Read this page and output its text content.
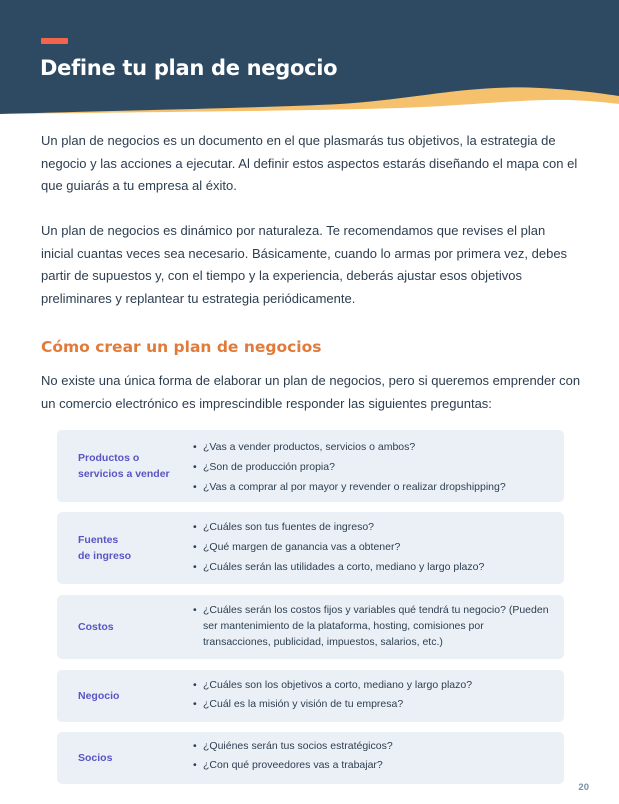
Define tu plan de negocio

Un plan de negocios es un documento en el que plasmarás tus objetivos, la estrategia de negocio y las acciones a ejecutar. Al definir estos aspectos estarás diseñando el mapa con el que guiarás a tu empresa al éxito.

Un plan de negocios es dinámico por naturaleza. Te recomendamos que revises el plan inicial cuantas veces sea necesario. Básicamente, cuando lo armas por primera vez, debes partir de supuestos y, con el tiempo y la experiencia, deberás ajustar esos objetivos preliminares y replantear tu estrategia periódicamente.

Cómo crear un plan de negocios

No existe una única forma de elaborar un plan de negocios, pero si queremos emprender con un comercio electrónico es imprescindible responder las siguientes preguntas:

Productos o
servicios a vender
• ¿Vas a vender productos, servicios o ambos?
• ¿Son de producción propia?
• ¿Vas a comprar al por mayor y revender o realizar dropshipping?
Fuentes
de ingreso
• ¿Cuáles son tus fuentes de ingreso?
• ¿Qué margen de ganancia vas a obtener?
• ¿Cuáles serán las utilidades a corto, mediano y largo plazo?
Costos
• ¿Cuáles serán los costos fijos y variables qué tendrá tu negocio? (Pueden ser mantenimiento de la plataforma, hosting, comisiones por transacciones, publicidad, impuestos, salarios, etc.)
Negocio
• ¿Cuáles son los objetivos a corto, mediano y largo plazo?
• ¿Cuál es la misión y visión de tu empresa?
Socios
• ¿Quiénes serán tus socios estratégicos?
• ¿Con qué proveedores vas a trabajar?
20
